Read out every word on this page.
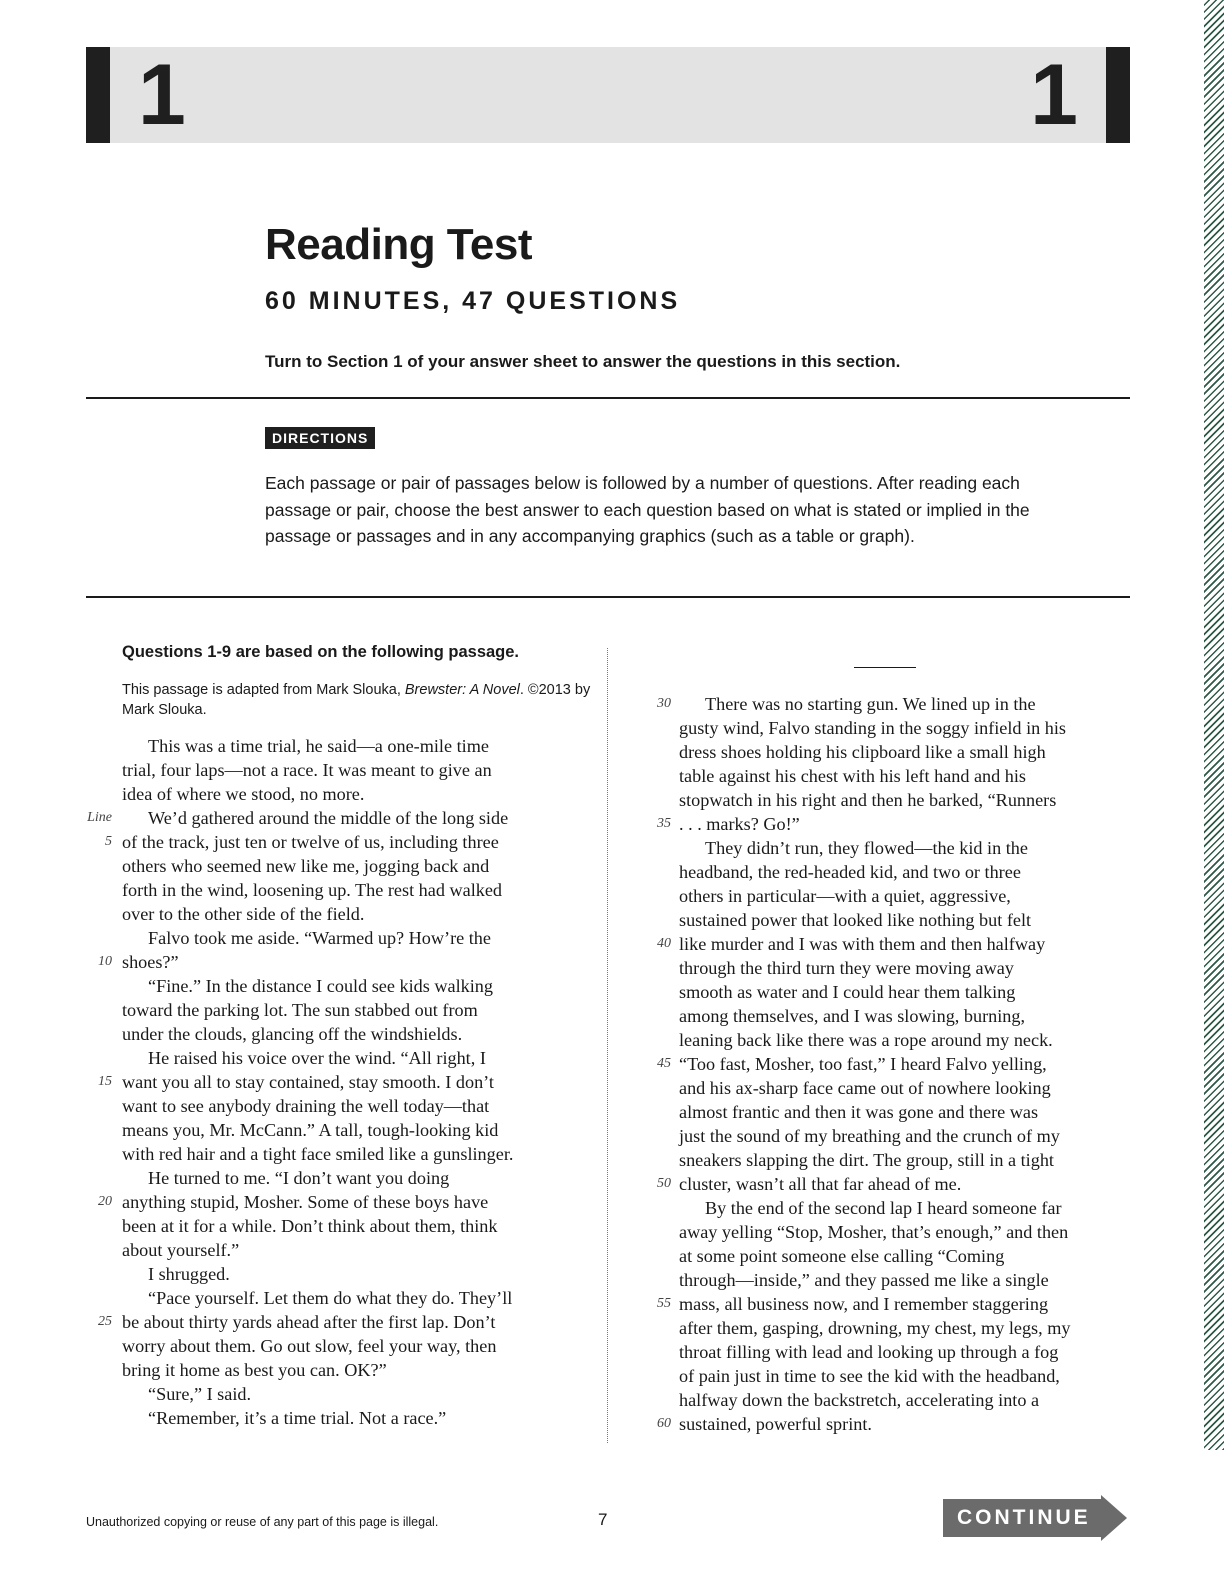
1	1
Reading Test
60 MINUTES, 47 QUESTIONS
Turn to Section 1 of your answer sheet to answer the questions in this section.
DIRECTIONS
Each passage or pair of passages below is followed by a number of questions. After reading each passage or pair, choose the best answer to each question based on what is stated or implied in the passage or passages and in any accompanying graphics (such as a table or graph).
Questions 1-9 are based on the following passage.
This passage is adapted from Mark Slouka, Brewster: A Novel. ©2013 by Mark Slouka.
This was a time trial, he said—a one-mile time
trial, four laps—not a race. It was meant to give an
idea of where we stood, no more.
We’d gathered around the middle of the long side
of the track, just ten or twelve of us, including three
others who seemed new like me, jogging back and
forth in the wind, loosening up. The rest had walked
over to the other side of the field.
Falvo took me aside. “Warmed up? How’re the
shoes?”
“Fine.” In the distance I could see kids walking
toward the parking lot. The sun stabbed out from
under the clouds, glancing off the windshields.
He raised his voice over the wind. “All right, I
want you all to stay contained, stay smooth. I don’t
want to see anybody draining the well today—that
means you, Mr. McCann.” A tall, tough-looking kid
with red hair and a tight face smiled like a gunslinger.
He turned to me. “I don’t want you doing
anything stupid, Mosher. Some of these boys have
been at it for a while. Don’t think about them, think
about yourself.”
I shrugged.
“Pace yourself. Let them do what they do. They’ll
be about thirty yards ahead after the first lap. Don’t
worry about them. Go out slow, feel your way, then
bring it home as best you can. OK?”
“Sure,” I said.
“Remember, it’s a time trial. Not a race.”
Line
5
10
15
20
25
There was no starting gun. We lined up in the
gusty wind, Falvo standing in the soggy infield in his
dress shoes holding his clipboard like a small high
table against his chest with his left hand and his
stopwatch in his right and then he barked, “Runners
. . . marks? Go!”
They didn’t run, they flowed—the kid in the
headband, the red-headed kid, and two or three
others in particular—with a quiet, aggressive,
sustained power that looked like nothing but felt
like murder and I was with them and then halfway
through the third turn they were moving away
smooth as water and I could hear them talking
among themselves, and I was slowing, burning,
leaning back like there was a rope around my neck.
“Too fast, Mosher, too fast,” I heard Falvo yelling,
and his ax-sharp face came out of nowhere looking
almost frantic and then it was gone and there was
just the sound of my breathing and the crunch of my
sneakers slapping the dirt. The group, still in a tight
cluster, wasn’t all that far ahead of me.
By the end of the second lap I heard someone far
away yelling “Stop, Mosher, that’s enough,” and then
at some point someone else calling “Coming
through—inside,” and they passed me like a single
mass, all business now, and I remember staggering
after them, gasping, drowning, my chest, my legs, my
throat filling with lead and looking up through a fog
of pain just in time to see the kid with the headband,
halfway down the backstretch, accelerating into a
sustained, powerful sprint.
30
35
40
45
50
55
60
Unauthorized copying or reuse of any part of this page is illegal.	7	CONTINUE
